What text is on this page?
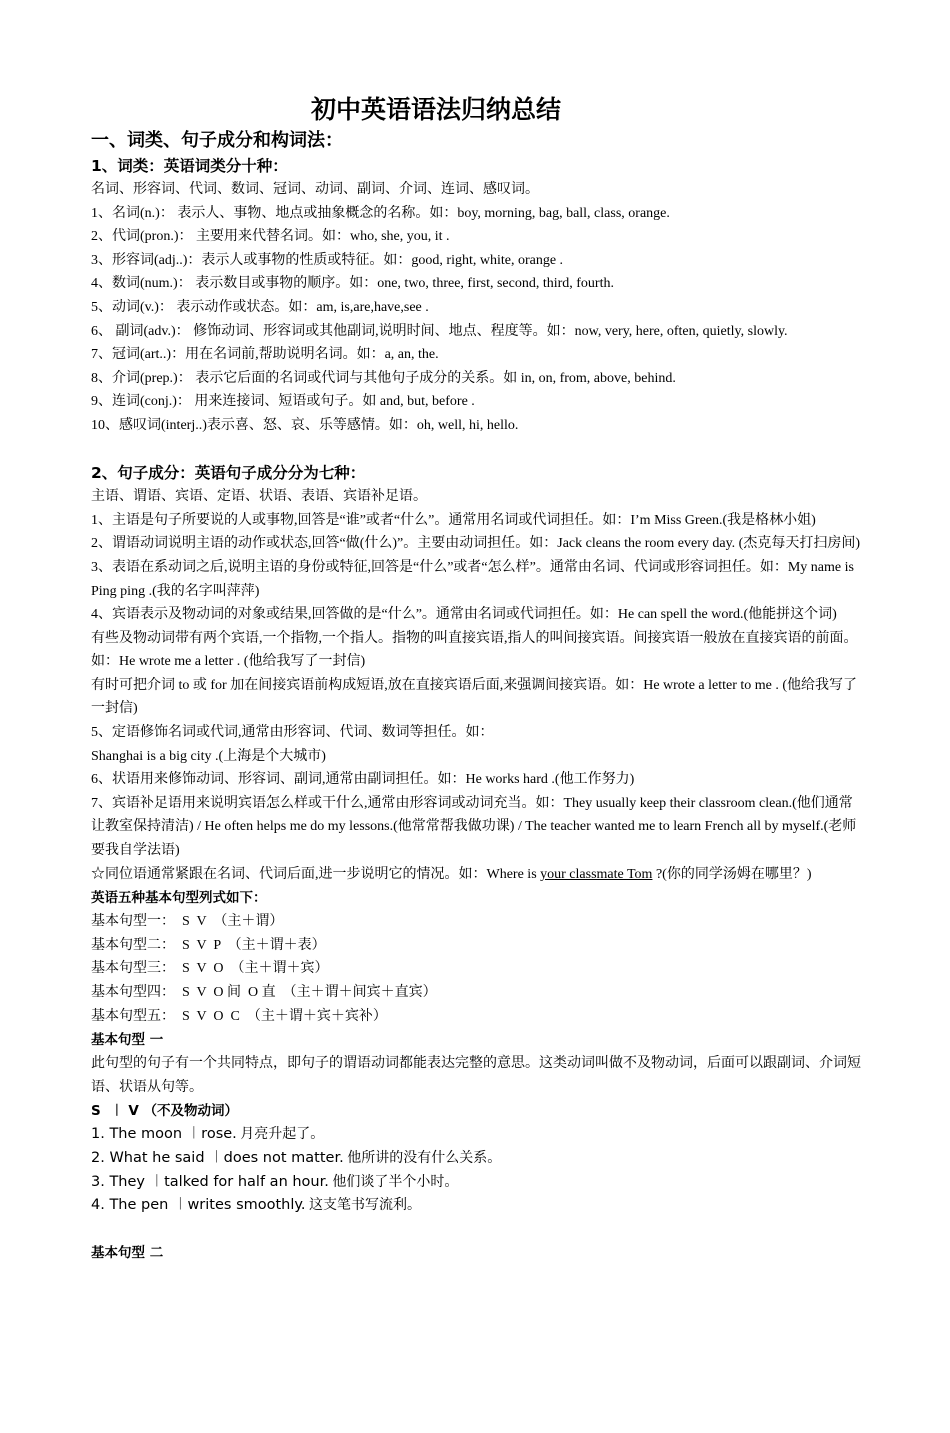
初中英语语法归纳总结
一、词类、句子成分和构词法：
1、词类：英语词类分十种：
名词、形容词、代词、数词、冠词、动词、副词、介词、连词、感叹词。
1、名词(n.)： 表示人、事物、地点或抽象概念的名称。如：boy, morning, bag, ball, class, orange.
2、代词(pron.)： 主要用来代替名词。如：who, she, you, it .
3、形容词(adj..)：表示人或事物的性质或特征。如：good, right, white, orange .
4、数词(num.)： 表示数目或事物的顺序。如：one, two, three, first, second, third, fourth.
5、动词(v.)： 表示动作或状态。如：am, is,are,have,see .
6、 副词(adv.)： 修饰动词、形容词或其他副词,说明时间、地点、程度等。如：now, very, here, often, quietly, slowly.
7、冠词(art..)：用在名词前,帮助说明名词。如：a, an, the.
8、介词(prep.)： 表示它后面的名词或代词与其他句子成分的关系。如 in, on, from, above, behind.
9、连词(conj.)： 用来连接词、短语或句子。如 and, but, before .
10、感叹词(interj..)表示喜、怒、哀、乐等感情。如：oh, well, hi, hello.
2、句子成分：英语句子成分分为七种：
主语、谓语、宾语、定语、状语、表语、宾语补足语。
1、主语是句子所要说的人或事物,回答是“谁”或者“什么”。通常用名词或代词担任。如：I’m Miss Green.(我是格林小姐)
2、谓语动词说明主语的动作或状态,回答“做(什么)”。主要由动词担任。如：Jack cleans the room every day. (杰克每天打扫房间)
3、表语在系动词之后,说明主语的身份或特征,回答是“什么”或者“怎么样”。通常由名词、代词或形容词担任。如：My name is Ping ping .(我的名字叫萍萍)
4、宾语表示及物动词的对象或结果,回答做的是“什么”。通常由名词或代词担任。如：He can spell the word.(他能拼这个词)
有些及物动词带有两个宾语,一个指物,一个指人。指物的叫直接宾语,指人的叫间接宾语。间接宾语一般放在直接宾语的前面。如：He wrote me a letter . (他给我写了一封信)
有时可把介词 to 或 for 加在间接宾语前构成短语,放在直接宾语后面,来强调间接宾语。如：He wrote a letter to me . (他给我写了一封信)
5、定语修饰名词或代词,通常由形容词、代词、数词等担任。如：
Shanghai is a big city .(上海是个大城市)
6、状语用来修饰动词、形容词、副词,通常由副词担任。如：He works hard .(他工作努力)
7、宾语补足语用来说明宾语怎么样或干什么,通常由形容词或动词充当。如：They usually keep their classroom clean.(他们通常让教室保持清洁) / He often helps me do my lessons.(他常常帮我做功课) / The teacher wanted me to learn French all by myself.(老师要我自学法语)
☆同位语通常紧跟在名词、代词后面,进一步说明它的情况。如：Where is your classmate Tom ?(你的同学汤姆在哪里？)
英语五种基本句型列式如下：
基本句型一：  S  V  （主＋谓）
基本句型二：  S  V  P  （主＋谓＋表）
基本句型三：  S  V  O  （主＋谓＋宾）
基本句型四：  S  V  O 间  O 直  （主＋谓＋间宾＋直宾）
基本句型五：  S  V  O  C  （主＋谓＋宾＋宾补）
基本句型 一
此句型的句子有一个共同特点，即句子的谓语动词都能表达完整的意思。这类动词叫做不及物动词，后面可以跟副词、介词短语、状语从句等。
S  ︱ V （不及物动词）
1. The moon ︱rose. 月亮升起了。
2. What he said ︱does not matter. 他所讲的没有什么关系。
3. They ︱talked for half an hour. 他们谈了半个小时。
4. The pen ︱writes smoothly. 这支笔书写流利。
基本句型 二
